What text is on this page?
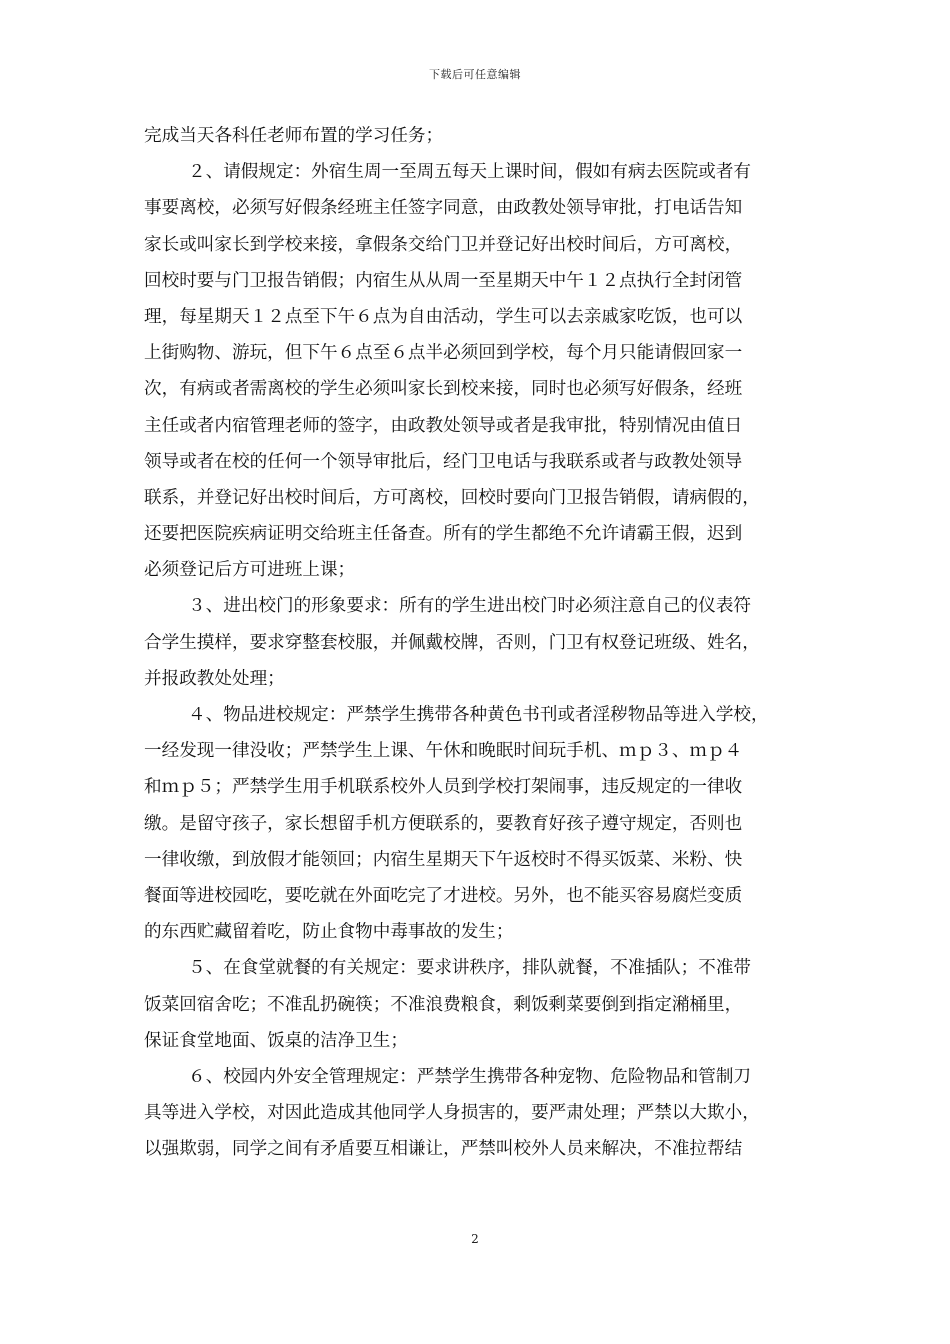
下载后可任意编辑
完成当天各科任老师布置的学习任务；
２、请假规定：外宿生周一至周五每天上课时间，假如有病去医院或者有
事要离校，必须写好假条经班主任签字同意，由政教处领导审批，打电话告知
家长或叫家长到学校来接，拿假条交给门卫并登记好出校时间后，方可离校，
回校时要与门卫报告销假；内宿生从从周一至星期天中午１２点执行全封闭管
理，每星期天１２点至下午６点为自由活动，学生可以去亲戚家吃饭，也可以
上街购物、游玩，但下午６点至６点半必须回到学校，每个月只能请假回家一
次，有病或者需离校的学生必须叫家长到校来接，同时也必须写好假条，经班
主任或者内宿管理老师的签字，由政教处领导或者是我审批，特别情况由值日
领导或者在校的任何一个领导审批后，经门卫电话与我联系或者与政教处领导
联系，并登记好出校时间后，方可离校，回校时要向门卫报告销假，请病假的，
还要把医院疾病证明交给班主任备查。所有的学生都绝不允许请霸王假，迟到
必须登记后方可进班上课；
３、进出校门的形象要求：所有的学生进出校门时必须注意自己的仪表符
合学生摸样，要求穿整套校服，并佩戴校牌，否则，门卫有权登记班级、姓名，
并报政教处处理；
４、物品进校规定：严禁学生携带各种黄色书刊或者淫秽物品等进入学校，
一经发现一律没收；严禁学生上课、午休和晚眠时间玩手机、ｍｐ３、ｍｐ４
和ｍｐ５；严禁学生用手机联系校外人员到学校打架闹事，违反规定的一律收
缴。是留守孩子，家长想留手机方便联系的，要教育好孩子遵守规定，否则也
一律收缴，到放假才能领回；内宿生星期天下午返校时不得买饭菜、米粉、快
餐面等进校园吃，要吃就在外面吃完了才进校。另外，也不能买容易腐烂变质
的东西贮藏留着吃，防止食物中毒事故的发生；
５、在食堂就餐的有关规定：要求讲秩序，排队就餐，不准插队；不准带
饭菜回宿舍吃；不准乱扔碗筷；不准浪费粮食，剩饭剩菜要倒到指定潲桶里，
保证食堂地面、饭桌的洁净卫生；
６、校园内外安全管理规定：严禁学生携带各种宠物、危险物品和管制刀
具等进入学校，对因此造成其他同学人身损害的，要严肃处理；严禁以大欺小，
以强欺弱，同学之间有矛盾要互相谦让，严禁叫校外人员来解决，不准拉帮结
2
